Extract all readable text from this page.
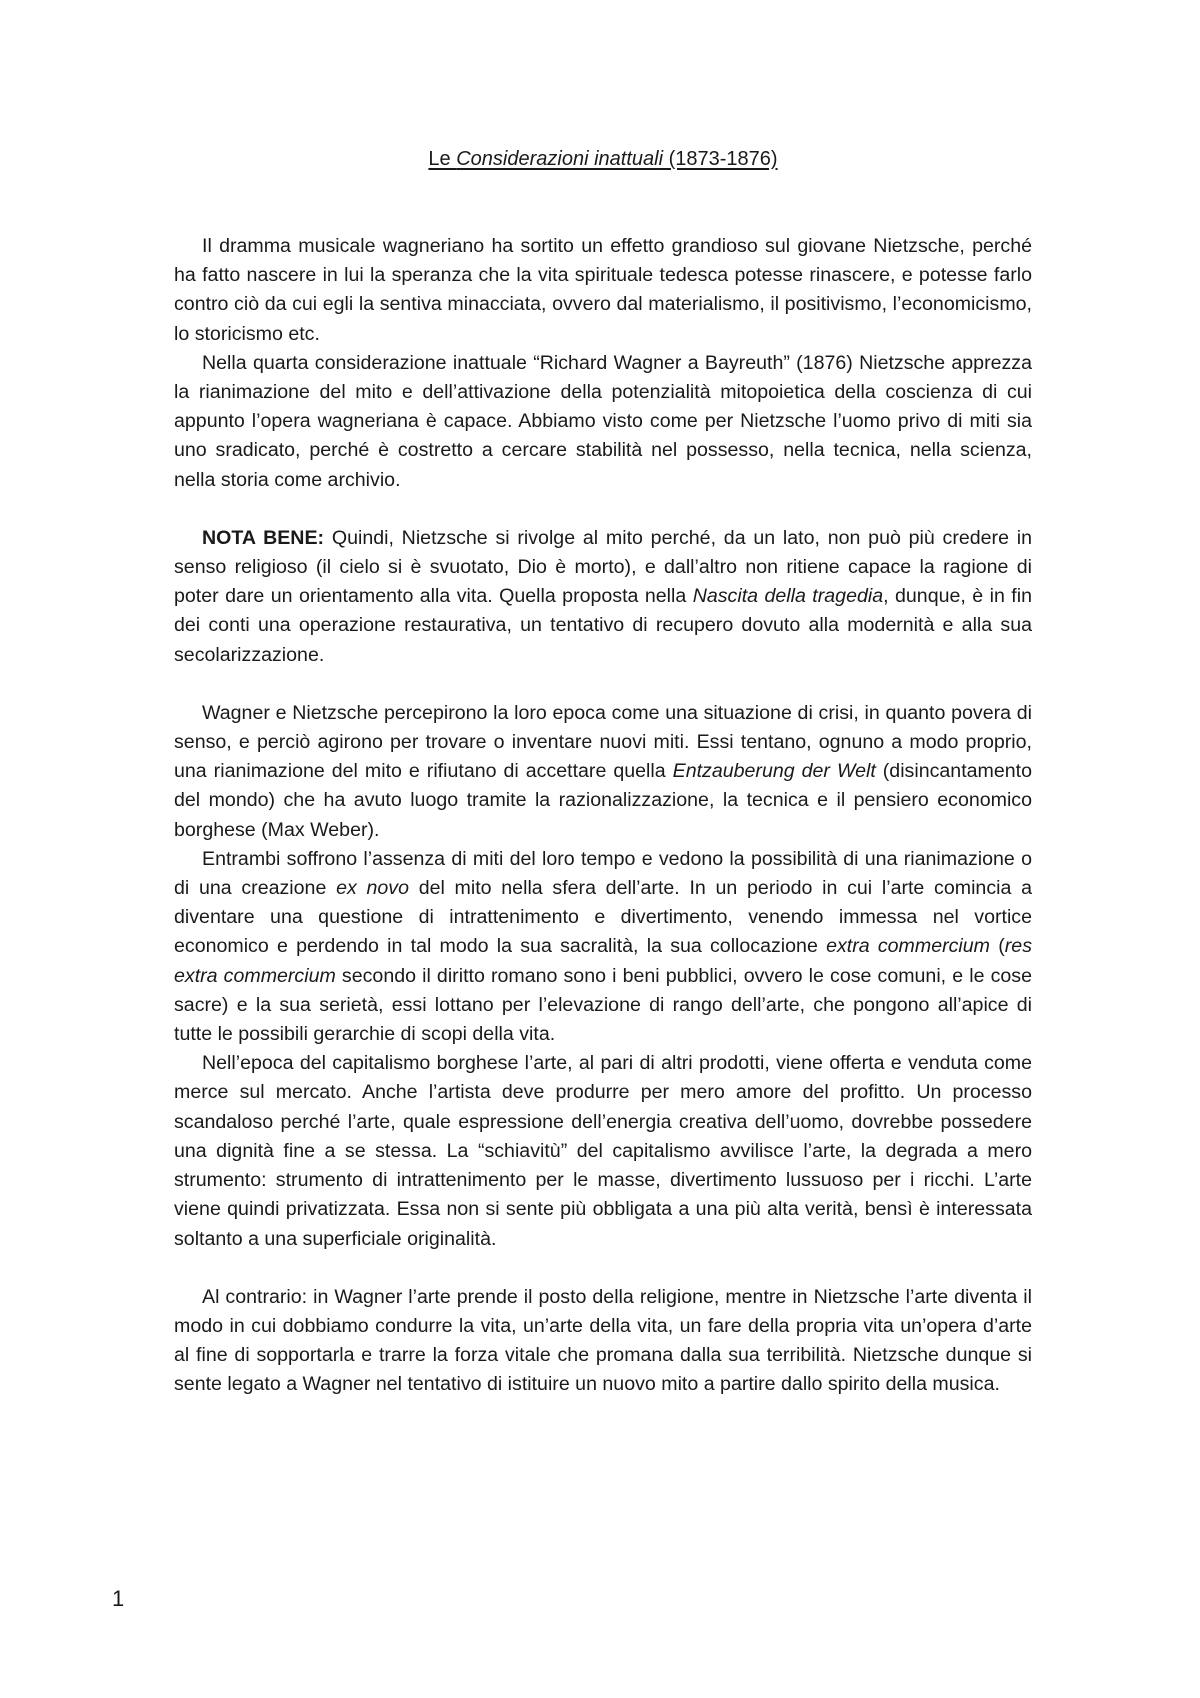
Le Considerazioni inattuali (1873-1876)

Il dramma musicale wagneriano ha sortito un effetto grandioso sul giovane Nietzsche, perché ha fatto nascere in lui la speranza che la vita spirituale tedesca potesse rinascere, e potesse farlo contro ciò da cui egli la sentiva minacciata, ovvero dal materialismo, il positivismo, l’economicismo, lo storicismo etc.

Nella quarta considerazione inattuale “Richard Wagner a Bayreuth” (1876) Nietzsche apprezza la rianimazione del mito e dell’attivazione della potenzialità mitopoietica della coscienza di cui appunto l’opera wagneriana è capace. Abbiamo visto come per Nietzsche l’uomo privo di miti sia uno sradicato, perché è costretto a cercare stabilità nel possesso, nella tecnica, nella scienza, nella storia come archivio.

NOTA BENE: Quindi, Nietzsche si rivolge al mito perché, da un lato, non può più credere in senso religioso (il cielo si è svuotato, Dio è morto), e dall’altro non ritiene capace la ragione di poter dare un orientamento alla vita. Quella proposta nella Nascita della tragedia, dunque, è in fin dei conti una operazione restaurativa, un tentativo di recupero dovuto alla modernità e alla sua secolarizzazione.

Wagner e Nietzsche percepirono la loro epoca come una situazione di crisi, in quanto povera di senso, e perciò agirono per trovare o inventare nuovi miti. Essi tentano, ognuno a modo proprio, una rianimazione del mito e rifiutano di accettare quella Entzauberung der Welt (disincantamento del mondo) che ha avuto luogo tramite la razionalizzazione, la tecnica e il pensiero economico borghese (Max Weber).

Entrambi soffrono l’assenza di miti del loro tempo e vedono la possibilità di una rianimazione o di una creazione ex novo del mito nella sfera dell’arte. In un periodo in cui l’arte comincia a diventare una questione di intrattenimento e divertimento, venendo immessa nel vortice economico e perdendo in tal modo la sua sacralità, la sua collocazione extra commercium (res extra commercium secondo il diritto romano sono i beni pubblici, ovvero le cose comuni, e le cose sacre) e la sua serietà, essi lottano per l’elevazione di rango dell’arte, che pongono all’apice di tutte le possibili gerarchie di scopi della vita.

Nell’epoca del capitalismo borghese l’arte, al pari di altri prodotti, viene offerta e venduta come merce sul mercato. Anche l’artista deve produrre per mero amore del profitto. Un processo scandaloso perché l’arte, quale espressione dell’energia creativa dell’uomo, dovrebbe possedere una dignità fine a se stessa. La “schiavitù” del capitalismo avvilisce l’arte, la degrada a mero strumento: strumento di intrattenimento per le masse, divertimento lussuoso per i ricchi. L’arte viene quindi privatizzata. Essa non si sente più obbligata a una più alta verità, bensì è interessata soltanto a una superficiale originalità.

Al contrario: in Wagner l’arte prende il posto della religione, mentre in Nietzsche l’arte diventa il modo in cui dobbiamo condurre la vita, un’arte della vita, un fare della propria vita un’opera d’arte al fine di sopportarla e trarre la forza vitale che promana dalla sua terribilità. Nietzsche dunque si sente legato a Wagner nel tentativo di istituire un nuovo mito a partire dallo spirito della musica.

1
